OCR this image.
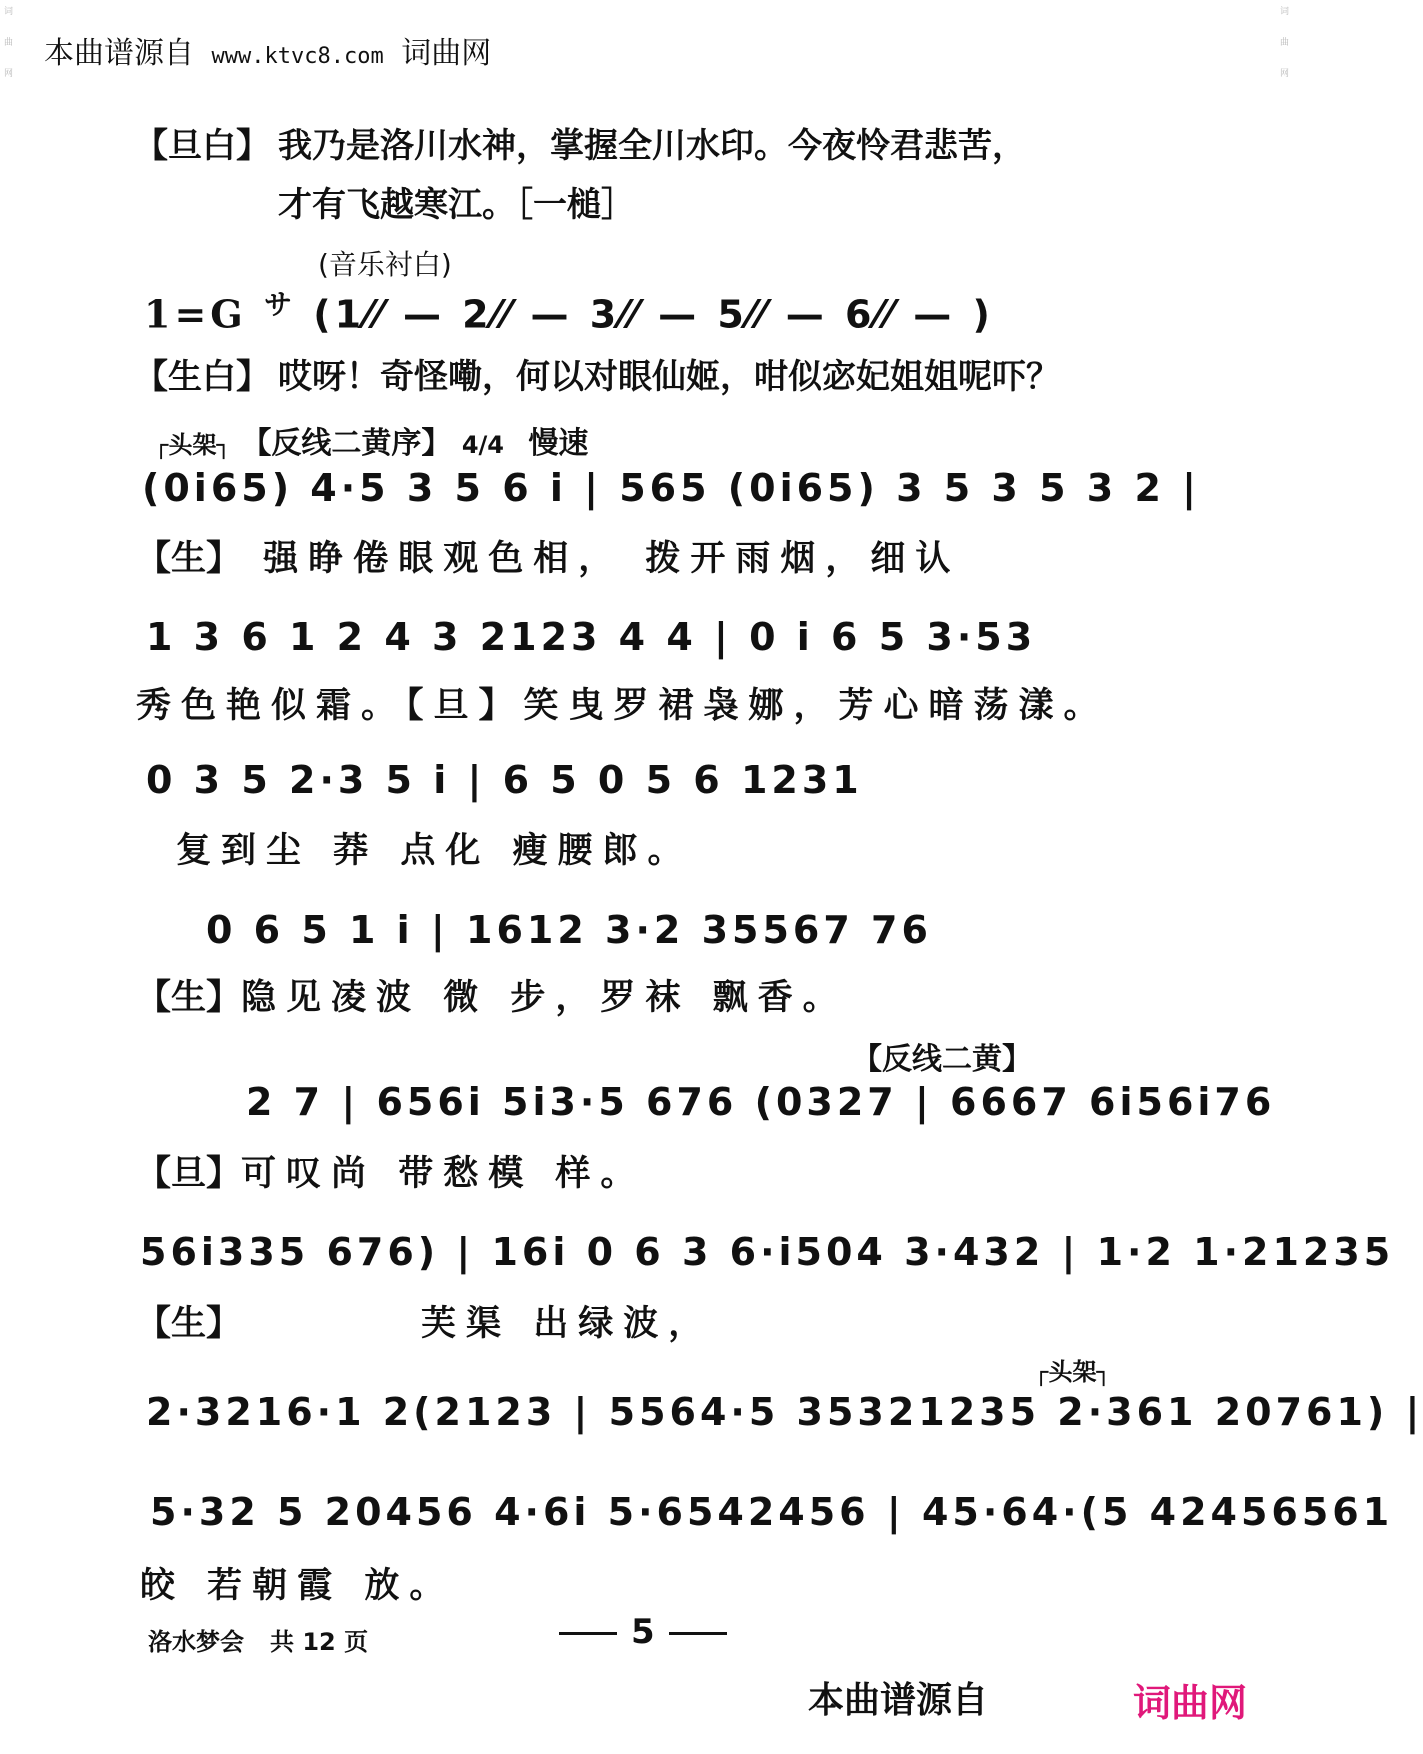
词
曲
网
词
曲
网
本曲谱源自 www.ktvc8.com 词曲网
【旦白】 我乃是洛川水神，掌握全川水印。今夜怜君悲苦，
才有飞越寒江。［一槌］
(音乐衬白)
1=G $^サ$ (1⁄⁄ — 2⁄⁄ — 3⁄⁄ — 5⁄⁄ — 6⁄⁄ — )
【生白】 哎呀！奇怪嘞，何以对眼仙姬，咁似宓妃姐姐呢吓？
┌头架┐ 【反线二黄序】 4/4 慢速
(0i65) 4·5 3 5 6 i | 565 (0i65) 3 5 3 5 3 2 |
【生】 强睁倦眼观色相， 拨开雨烟，细认
1 3 6 1 2 4 3 2123 4 4 | 0 i 6 5 3·53
秀色艳似霜。【旦】笑曳罗裙袅娜，芳心暗荡漾。
0 3 5 2·3 5 i | 6 5 0 5 6 1231
复到尘 莽 点化 瘦腰郎。
0 6 5 1 i | 1612 3·2 35567 76
【生】隐见凌波 微 步，罗袜 飘香。
【反线二黄】
2 7 | 656i 5i3·5 676 (0327 | 6667 6i56i76
【旦】可叹尚 带愁模 样。
56i335 676) | 16i 0 6 3 6·i504 3·432 | 1·2 1·21235
【生】	芙渠 出绿波，
┌头架┐
2·3216·1 2(2123 | 5564·5 35321235 2·361 20761) |
5·32 5 20456 4·6i 5·6542456 | 45·64·(5 42456561
皎 若朝霞 放。
洛水梦会 共 12 页	5
本曲谱源自	词曲网
